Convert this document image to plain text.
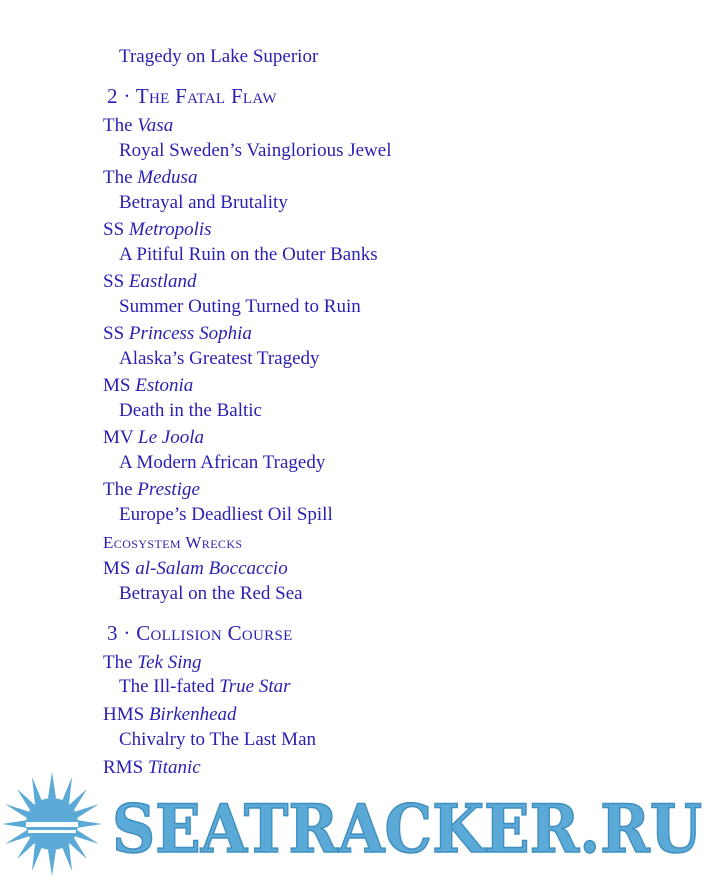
Tragedy on Lake Superior
2 · The Fatal Flaw
The Vasa
Royal Sweden’s Vainglorious Jewel
The Medusa
Betrayal and Brutality
SS Metropolis
A Pitiful Ruin on the Outer Banks
SS Eastland
Summer Outing Turned to Ruin
SS Princess Sophia
Alaska’s Greatest Tragedy
MS Estonia
Death in the Baltic
MV Le Joola
A Modern African Tragedy
The Prestige
Europe’s Deadliest Oil Spill
Ecosystem Wrecks
MS al-Salam Boccaccio
Betrayal on the Red Sea
3 · Collision Course
The Tek Sing
The Ill-fated True Star
HMS Birkenhead
Chivalry to The Last Man
RMS Titanic
SEATRACKER.RU
